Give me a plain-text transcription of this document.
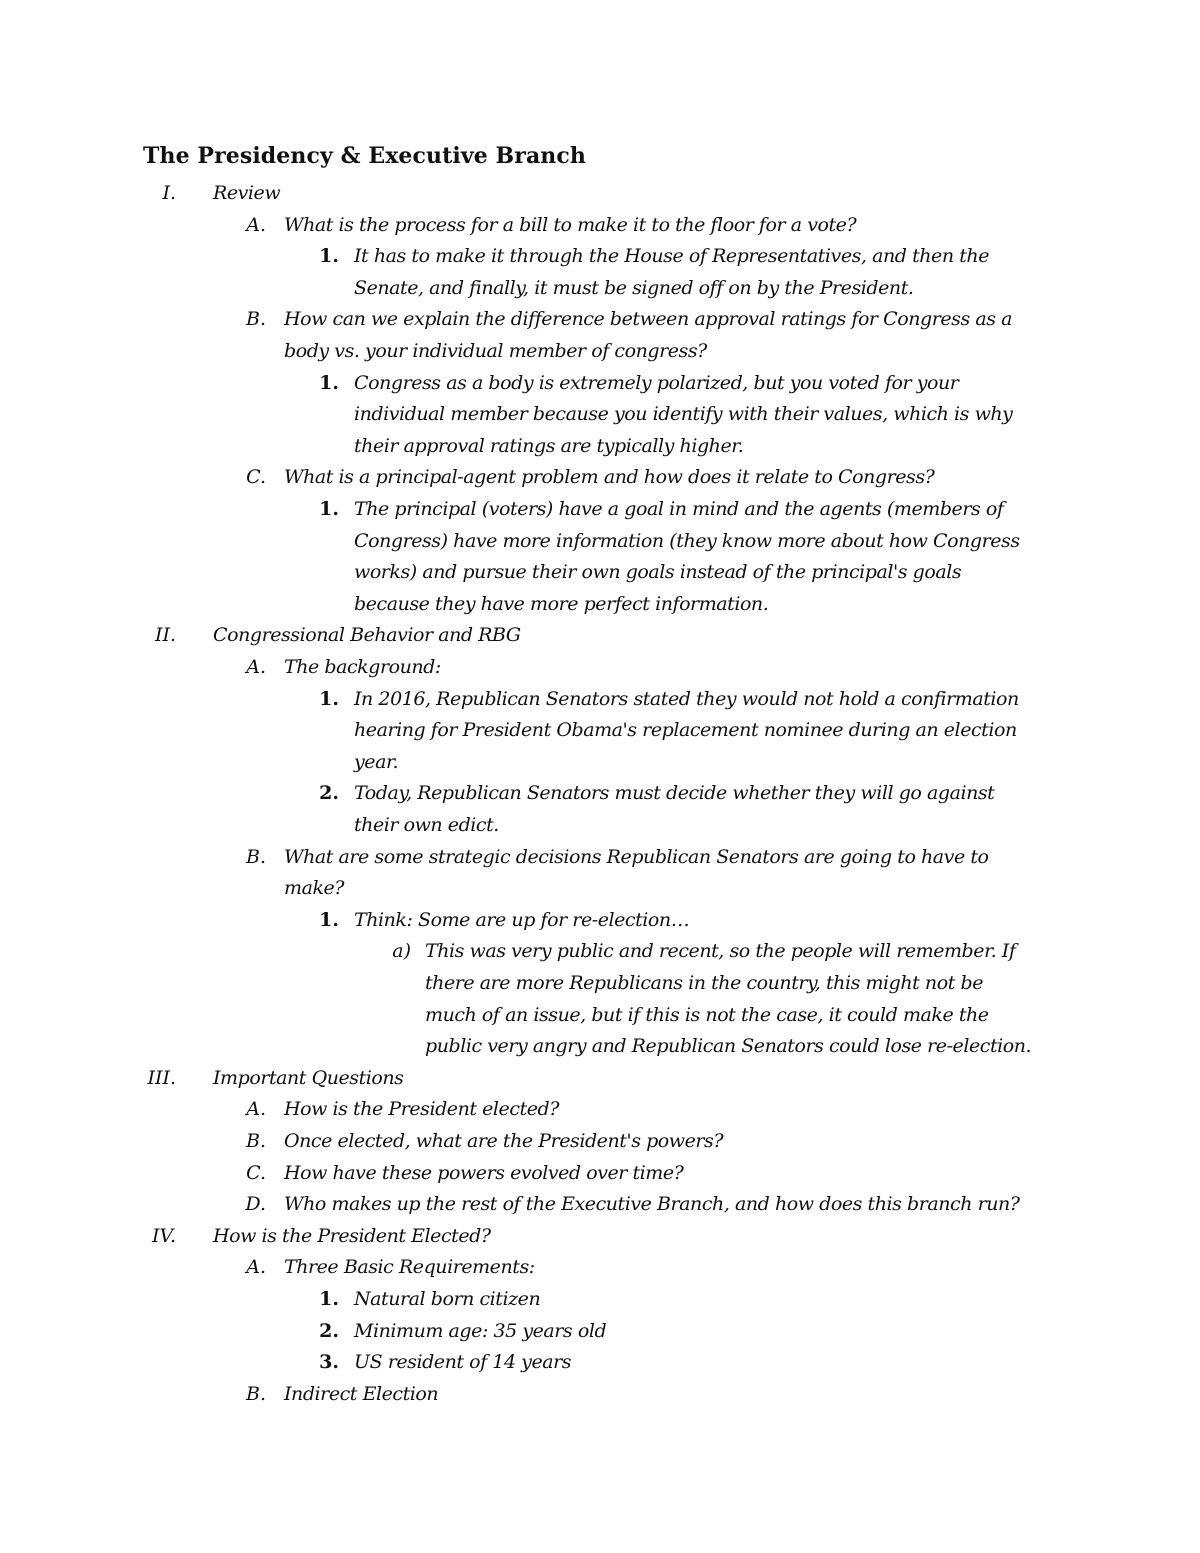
The Presidency & Executive Branch
I. Review
A. What is the process for a bill to make it to the floor for a vote?
1. It has to make it through the House of Representatives, and then the
Senate, and finally, it must be signed off on by the President.
B. How can we explain the difference between approval ratings for Congress as a
body vs. your individual member of congress?
1. Congress as a body is extremely polarized, but you voted for your
individual member because you identify with their values, which is why
their approval ratings are typically higher.
C. What is a principal-agent problem and how does it relate to Congress?
1. The principal (voters) have a goal in mind and the agents (members of
Congress) have more information (they know more about how Congress
works) and pursue their own goals instead of the principal's goals
because they have more perfect information.
II. Congressional Behavior and RBG
A. The background:
1. In 2016, Republican Senators stated they would not hold a confirmation
hearing for President Obama's replacement nominee during an election
year.
2. Today, Republican Senators must decide whether they will go against
their own edict.
B. What are some strategic decisions Republican Senators are going to have to
make?
1. Think: Some are up for re-election…
a) This was very public and recent, so the people will remember. If
there are more Republicans in the country, this might not be
much of an issue, but if this is not the case, it could make the
public very angry and Republican Senators could lose re-election.
III. Important Questions
A. How is the President elected?
B. Once elected, what are the President's powers?
C. How have these powers evolved over time?
D. Who makes up the rest of the Executive Branch, and how does this branch run?
IV. How is the President Elected?
A. Three Basic Requirements:
1. Natural born citizen
2. Minimum age: 35 years old
3. US resident of 14 years
B. Indirect Election
